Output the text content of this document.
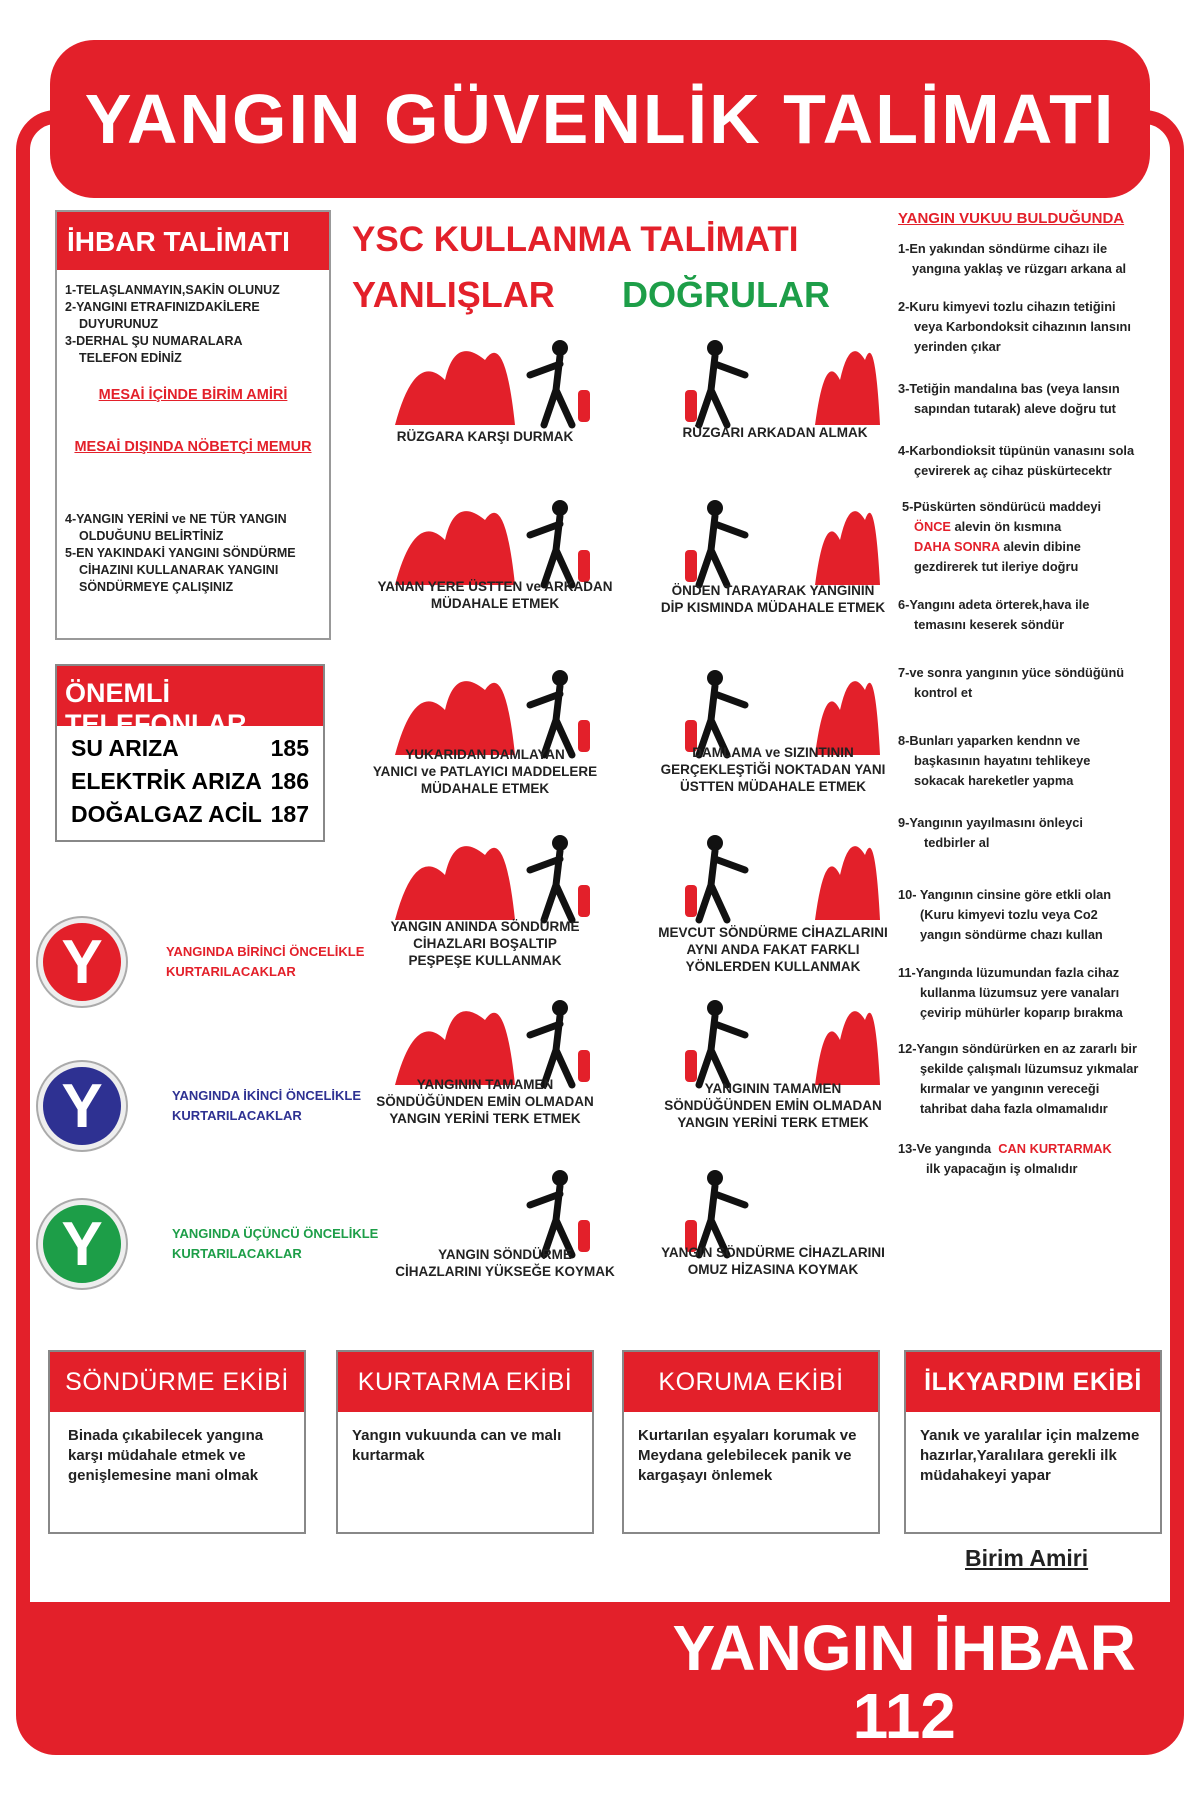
YANGIN GÜVENLİK TALİMATI
İHBAR TALİMATI

1-TELAŞLANMAYIN,SAKİN OLUNUZ

2-YANGINI ETRAFINIZDAKİLERE

DUYURUNUZ

3-DERHAL ŞU NUMARALARA

TELEFON EDİNİZ

MESAİ İÇİNDE BİRİM AMİRİ
MESAİ DIŞINDA NÖBETÇİ MEMUR

4-YANGIN YERİNİ ve NE TÜR YANGIN

OLDUĞUNU BELİRTİNİZ

5-EN YAKINDAKİ YANGINI SÖNDÜRME

CİHAZINI KULLANARAK YANGINI

SÖNDÜRMEYE ÇALIŞINIZ

ÖNEMLİ TELEFONLAR
SU ARIZA	185
ELEKTRİK ARIZA 186
DOĞALGAZ ACİL 187
Y	YANGINDA BİRİNCİ ÖNCELİKLE
KURTARILACAKLAR
Y	YANGINDA İKİNCİ ÖNCELİKLE
KURTARILACAKLAR
Y	YANGINDA ÜÇÜNCÜ ÖNCELİKLE
KURTARILACAKLAR
YSC KULLANMA TALİMATI
YANLIŞLAR DOĞRULAR
RÜZGARA KARŞI DURMAK
YANAN YERE ÜSTTEN ve ARKADAN
MÜDAHALE ETMEK
YUKARIDAN DAMLAYAN
YANICI ve PATLAYICI MADDELERE
MÜDAHALE ETMEK
YANGIN ANINDA SÖNDÜRME
CİHAZLARI BOŞALTIP
PEŞPEŞE KULLANMAK
YANGININ TAMAMEN
SÖNDÜĞÜNDEN EMİN OLMADAN
YANGIN YERİNİ TERK ETMEK
YANGIN SÖNDÜRME
CİHAZLARINI YÜKSEĞE KOYMAK
RÜZGARI ARKADAN ALMAK
ÖNDEN TARAYARAK YANGININ
DİP KISMINDA MÜDAHALE ETMEK
DAMLAMA ve SIZINTININ
GERÇEKLEŞTİĞİ NOKTADAN YANI
ÜSTTEN MÜDAHALE ETMEK
MEVCUT SÖNDÜRME CİHAZLARINI
AYNI ANDA FAKAT FARKLI
YÖNLERDEN KULLANMAK
YANGININ TAMAMEN
SÖNDÜĞÜNDEN EMİN OLMADAN
YANGIN YERİNİ TERK ETMEK
YANGIN SÖNDÜRME CİHAZLARINI
OMUZ HİZASINA KOYMAK
YANGIN VUKUU BULDUĞUNDA

1-En yakından söndürme cihazı ile

yangına yaklaş ve rüzgarı arkana al

2-Kuru kimyevi tozlu cihazın tetiğini

veya Karbondoksit cihazının lansını

yerinden çıkar

3-Tetiğin mandalına bas (veya lansın

sapından tutarak) aleve doğru tut

4-Karbondioksit tüpünün vanasını sola

çevirerek aç cihaz püskürtecektr

5-Püskürten söndürücü maddeyi

ÖNCE alevin ön kısmına

DAHA SONRA alevin dibine

gezdirerek tut ileriye doğru

6-Yangını adeta örterek,hava ile

temasını keserek söndür

7-ve sonra yangının yüce söndüğünü

kontrol et

8-Bunları yaparken kendnn ve

başkasının hayatını tehlikeye

sokacak hareketler yapma

9-Yangının yayılmasını önleyci

tedbirler al

10- Yangının cinsine göre etkli olan

(Kuru kimyevi tozlu veya Co2

yangın söndürme chazı kullan

11-Yangında lüzumundan fazla cihaz

kullanma lüzumsuz yere vanaları

çevirip mühürler koparıp bırakma

12-Yangın söndürürken en az zararlı bir

şekilde çalışmalı lüzumsuz yıkmalar

kırmalar ve yangının vereceği

tahribat daha fazla olmamalıdır

13-Ve yangında CAN KURTARMAK

ilk yapacağın iş olmalıdır

SÖNDÜRME EKİBİ

Binada çıkabilecek yangına karşı müdahale etmek ve genişlemesine mani olmak

KURTARMA EKİBİ

Yangın vukuunda can ve malı kurtarmak

KORUMA EKİBİ

Kurtarılan eşyaları korumak ve Meydana gelebilecek panik ve kargaşayı önlemek

İLKYARDIM EKİBİ

Yanık ve yaralılar için malzeme hazırlar,Yaralılara gerekli ilk müdahakeyi yapar

Birim Amiri
YANGIN İHBAR
112
